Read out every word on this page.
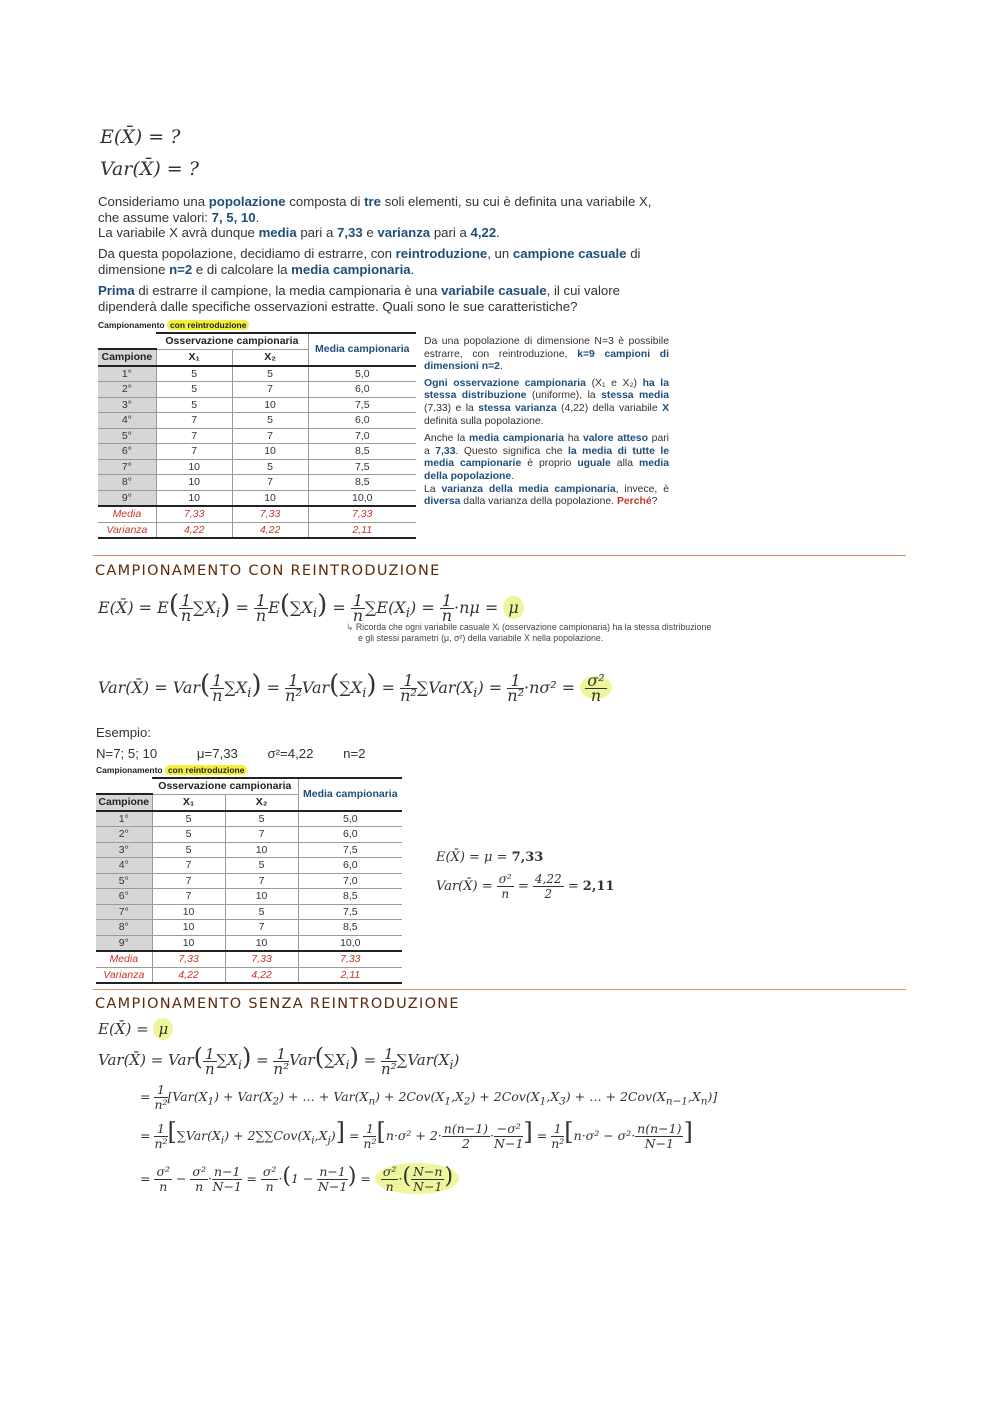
E(X̄) = ?
Var(X̄) = ?
Consideriamo una popolazione composta di tre soli elementi, su cui è definita una variabile X, che assume valori: 7, 5, 10.
La variabile X avrà dunque media pari a 7,33 e varianza pari a 4,22.
Da questa popolazione, decidiamo di estrarre, con reintroduzione, un campione casuale di dimensione n=2 e di calcolare la media campionaria.
Prima di estrarre il campione, la media campionaria è una variabile casuale, il cui valore dipenderà dalle specifiche osservazioni estratte. Quali sono le sue caratteristiche?
Campionamento con reintroduzione
	Osservazione campionaria		Media campionaria
Campione	X₁	X₂	
1°	5	5	5,0
2°	5	7	6,0
3°	5	10	7,5
4°	7	5	6,0
5°	7	7	7,0
6°	7	10	8,5
7°	10	5	7,5
8°	10	7	8,5
9°	10	10	10,0
Media	7,33	7,33	7,33
Varianza	4,22	4,22	2,11
Da una popolazione di dimensione N=3 è possibile estrarre, con reintroduzione, k=9 campioni di dimensioni n=2.
Ogni osservazione campionaria (X₁ e X₂) ha la stessa distribuzione (uniforme), la stessa media (7,33) e la stessa varianza (4,22) della variabile X definita sulla popolazione.
Anche la media campionaria ha valore atteso pari a 7,33. Questo significa che la media di tutte le media campionarie è proprio uguale alla media della popolazione.
La varianza della media campionaria, invece, è diversa dalla varianza della popolazione. Perché?
CAMPIONAMENTO CON REINTRODUZIONE
E(X̄) = $E( \frac{1}{n} \sum X_i) = \frac{1}{n} E(\sum X_i) = \frac{1}{n} \sum E(X_i) = \frac{1}{n} \cdot n\mu = \mu$
↳ Ricorda che ogni variabile casuale Xᵢ (osservazione campionaria) ha la stessa distribuzione
e gli stessi parametri (μ, σ²) della variabile X nella popolazione.
Var(X̄) = $Var( \frac{1}{n} \sum X_i) = \frac{1}{\text{n²}} Var(\sum X_i) = \frac{1}{\text{n²}} \sum Var(X_i) = \frac{1}{\text{n²}} \cdot n\sigma^2 = \frac{\text{σ²}}{n}$
Esempio:
N=7; 5; 10	μ=7,33 σ²=4,22 n=2
Campionamento con reintroduzione
	Osservazione campionaria		Media campionaria
Campione	X₁	X₂	
1°	5	5	5,0
2°	5	7	6,0
3°	5	10	7,5
4°	7	5	6,0
5°	7	7	7,0
6°	7	10	8,5
7°	10	5	7,5
8°	10	7	8,5
9°	10	10	10,0
Media	7,33	7,33	7,33
Varianza	4,22	4,22	2,11
E(X̄) = μ = 7,33
Var(X̄) = $\frac{\text{σ²}}{n} = \frac{4,22}{2} = 2,11$
CAMPIONAMENTO SENZA REINTRODUZIONE
E(X̄) = μ
Var(X̄) = $Var( \frac{1}{n} \sum X_i) = \frac{1}{\text{n²}} Var(\sum X_i) = \frac{1}{\text{n²}} \sum Var(X_i)$
= $\frac{1}{\text{n²}} [Var(X_1) + Var(X_2)$ + … + $Var(X_n) + 2Cov(X_1,X_2) + 2Cov(X_1,X_3)$ + … + $2Cov(X_{n-1},X_n)$]
= $\frac{1}{\text{n²}} [\sum Var(X_i) + 2\sum\sum Cov(X_i,X_j)] = \frac{1}{\text{n²}} [n\cdot\sigma^2 + 2\cdot \frac{n(n-1)}{2} \cdot \frac{\text{−σ²}}{N-1}$ ] = $\frac{1}{\text{n²}} [n\cdot\sigma^2 - \sigma^2\cdot \frac{n(n-1)}{N-1}$ ]
= $\frac{\text{σ²}}{n} - \frac{\text{σ²}}{n} \cdot \frac{n-1}{N-1} = \frac{\text{σ²}}{n} \cdot(1 - \frac{n-1}{N-1}$ ) = $\frac{\text{σ²}}{n}$ ·( $\frac{N-n}{N-1}$ )
